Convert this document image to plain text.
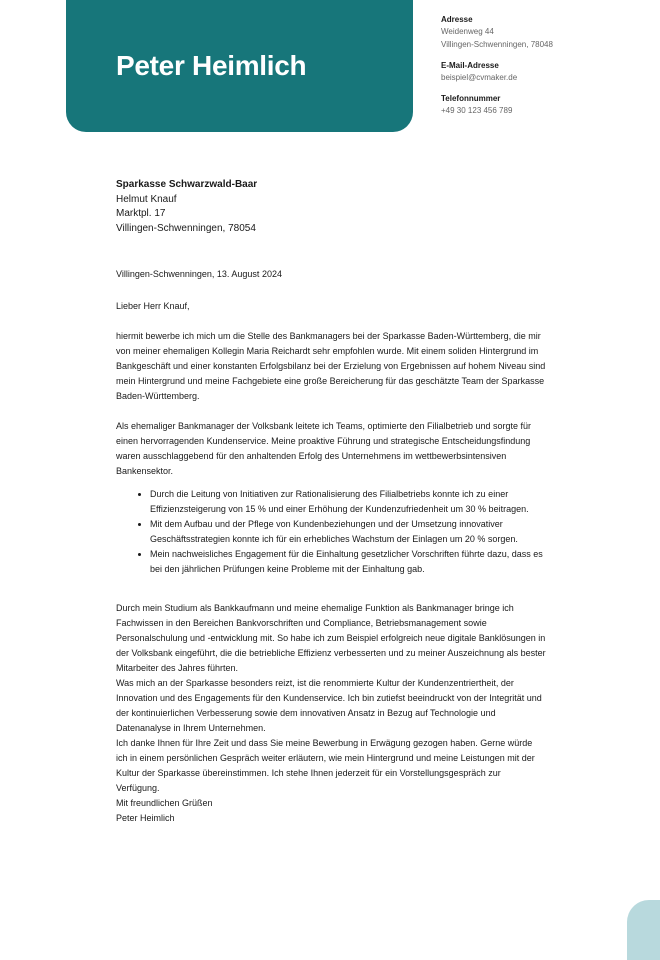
Peter Heimlich
Adresse
Weidenweg 44
Villingen-Schwenningen, 78048
E-Mail-Adresse
beispiel@cvmaker.de
Telefonnummer
+49 30 123 456 789
Sparkasse Schwarzwald-Baar
Helmut Knauf
Marktpl. 17
Villingen-Schwenningen, 78054
Villingen-Schwenningen, 13. August 2024
Lieber Herr Knauf,

hiermit bewerbe ich mich um die Stelle des Bankmanagers bei der Sparkasse Baden-Württemberg, die mir von meiner ehemaligen Kollegin Maria Reichardt sehr empfohlen wurde. Mit einem soliden Hintergrund im Bankgeschäft und einer konstanten Erfolgsbilanz bei der Erzielung von Ergebnissen auf hohem Niveau sind mein Hintergrund und meine Fachgebiete eine große Bereicherung für das geschätzte Team der Sparkasse Baden-Württemberg.

Als ehemaliger Bankmanager der Volksbank leitete ich Teams, optimierte den Filialbetrieb und sorgte für einen hervorragenden Kundenservice. Meine proaktive Führung und strategische Entscheidungsfindung waren ausschlaggebend für den anhaltenden Erfolg des Unternehmens im wettbewerbsintensiven Bankensektor.

• Durch die Leitung von Initiativen zur Rationalisierung des Filialbetriebs konnte ich zu einer Effizienzsteigerung von 15 % und einer Erhöhung der Kundenzufriedenheit um 30 % beitragen.
• Mit dem Aufbau und der Pflege von Kundenbeziehungen und der Umsetzung innovativer Geschäftsstrategien konnte ich für ein erhebliches Wachstum der Einlagen um 20 % sorgen.
• Mein nachweisliches Engagement für die Einhaltung gesetzlicher Vorschriften führte dazu, dass es bei den jährlichen Prüfungen keine Probleme mit der Einhaltung gab.

Durch mein Studium als Bankkaufmann und meine ehemalige Funktion als Bankmanager bringe ich Fachwissen in den Bereichen Bankvorschriften und Compliance, Betriebsmanagement sowie Personalschulung und -entwicklung mit. So habe ich zum Beispiel erfolgreich neue digitale Banklösungen in der Volksbank eingeführt, die die betriebliche Effizienz verbesserten und zu meiner Auszeichnung als bester Mitarbeiter des Jahres führten.

Was mich an der Sparkasse besonders reizt, ist die renommierte Kultur der Kundenzentriertheit, der Innovation und des Engagements für den Kundenservice. Ich bin zutiefst beeindruckt von der Integrität und der kontinuierlichen Verbesserung sowie dem innovativen Ansatz in Bezug auf Technologie und Datenanalyse in Ihrem Unternehmen.

Ich danke Ihnen für Ihre Zeit und dass Sie meine Bewerbung in Erwägung gezogen haben. Gerne würde ich in einem persönlichen Gespräch weiter erläutern, wie mein Hintergrund und meine Leistungen mit der Kultur der Sparkasse übereinstimmen. Ich stehe Ihnen jederzeit für ein Vorstellungsgespräch zur Verfügung.

Mit freundlichen Grüßen
Peter Heimlich
